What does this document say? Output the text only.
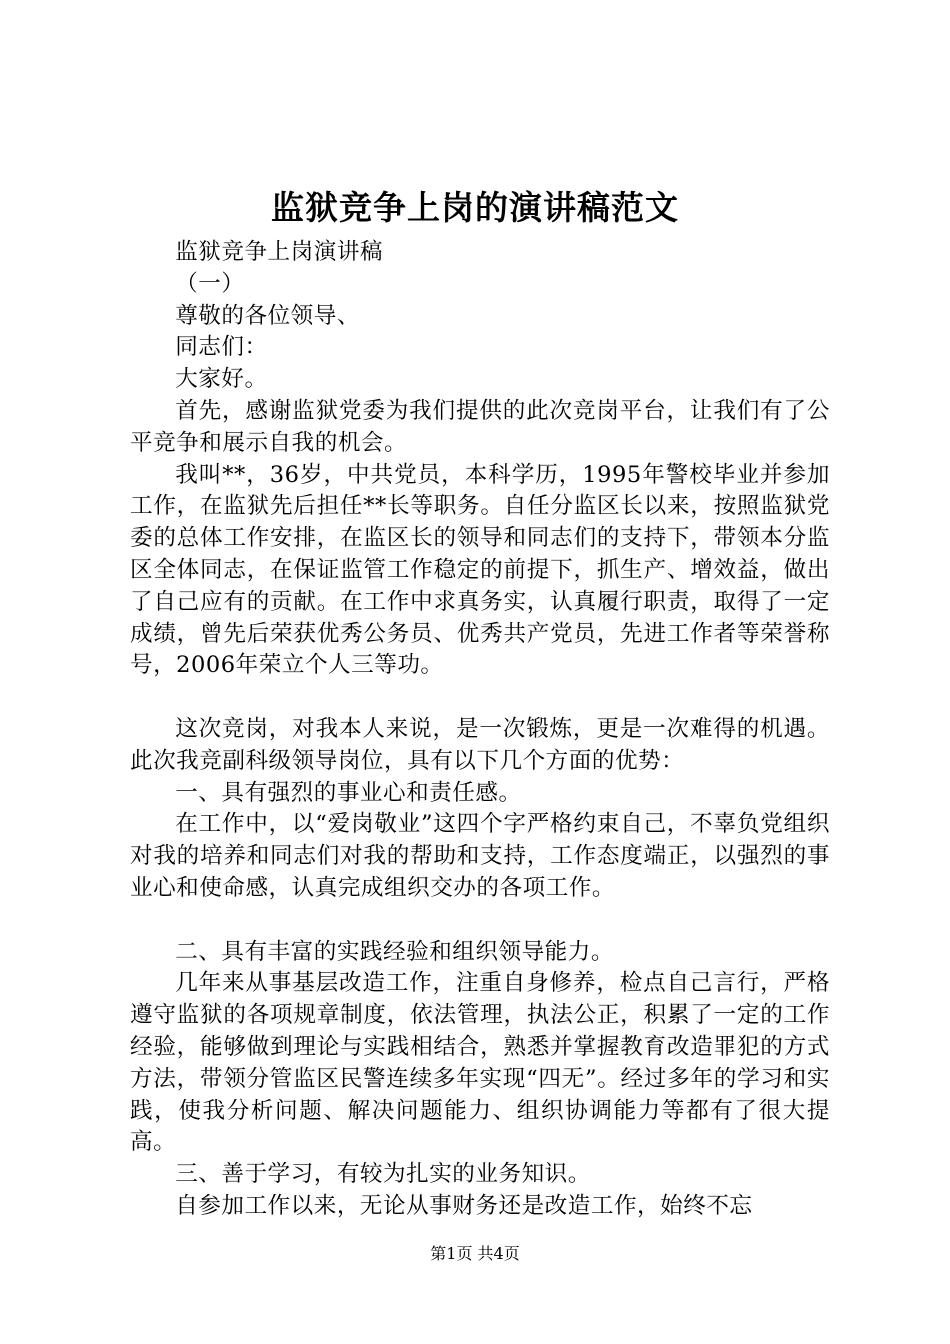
监狱竞争上岗的演讲稿范文

监狱竞争上岗演讲稿

（一）

尊敬的各位领导、

同志们：

大家好。

首先，感谢监狱党委为我们提供的此次竞岗平台，让我们有了公平竞争和展示自我的机会。

我叫**，36岁，中共党员，本科学历，1995年警校毕业并参加工作，在监狱先后担任**长等职务。自任分监区长以来，按照监狱党委的总体工作安排，在监区长的领导和同志们的支持下，带领本分监区全体同志，在保证监管工作稳定的前提下，抓生产、增效益，做出了自己应有的贡献。在工作中求真务实，认真履行职责，取得了一定成绩，曾先后荣获优秀公务员、优秀共产党员，先进工作者等荣誉称号，2006年荣立个人三等功。

这次竞岗，对我本人来说，是一次锻炼，更是一次难得的机遇。此次我竞副科级领导岗位，具有以下几个方面的优势：

一、具有强烈的事业心和责任感。

在工作中，以“爱岗敬业”这四个字严格约束自己，不辜负党组织对我的培养和同志们对我的帮助和支持，工作态度端正，以强烈的事业心和使命感，认真完成组织交办的各项工作。

二、具有丰富的实践经验和组织领导能力。

几年来从事基层改造工作，注重自身修养，检点自己言行，严格遵守监狱的各项规章制度，依法管理，执法公正，积累了一定的工作经验，能够做到理论与实践相结合，熟悉并掌握教育改造罪犯的方式方法，带领分管监区民警连续多年实现“四无”。经过多年的学习和实践，使我分析问题、解决问题能力、组织协调能力等都有了很大提高。

三、善于学习，有较为扎实的业务知识。

自参加工作以来，无论从事财务还是改造工作，始终不忘

第1页 共4页
